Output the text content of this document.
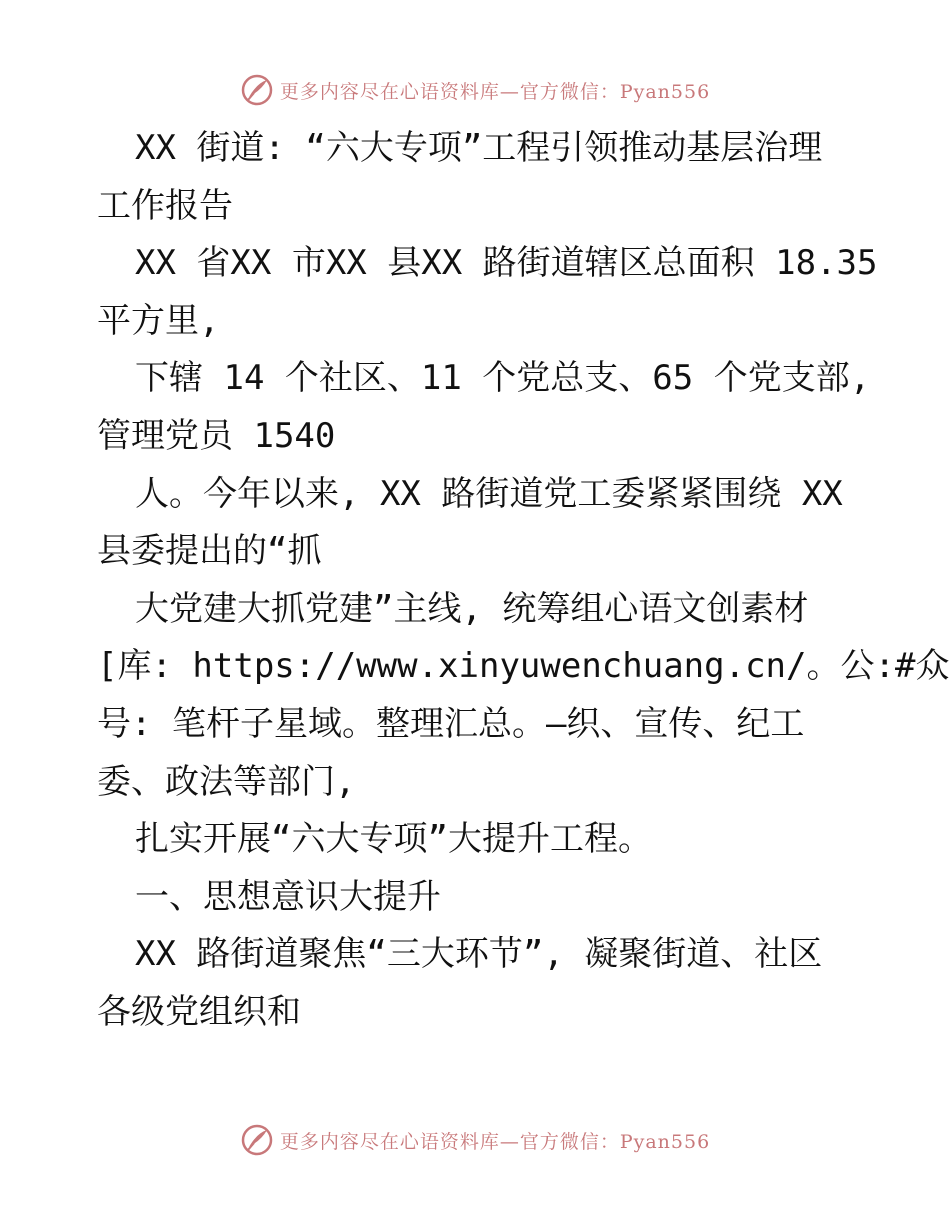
更多内容尽在心语资料库—官方微信：Pyan556
XX 街道: “六大专项”工程引领推动基层治理
工作报告
XX 省XX 市XX 县XX 路街道辖区总面积 18.35
平方里,
下辖 14 个社区、11 个党总支、65 个党支部,
管理党员 1540
人。今年以来, XX 路街道党工委紧紧围绕 XX
县委提出的“抓
大党建大抓党建”主线, 统筹组心语文创素材
[库: https://www.xinyuwenchuang.cn/。公:#众
号: 笔杆子星域。整理汇总。—织、宣传、纪工
委、政法等部门,
扎实开展“六大专项”大提升工程。
一、思想意识大提升
XX 路街道聚焦“三大环节”, 凝聚街道、社区
各级党组织和
更多内容尽在心语资料库—官方微信：Pyan556
